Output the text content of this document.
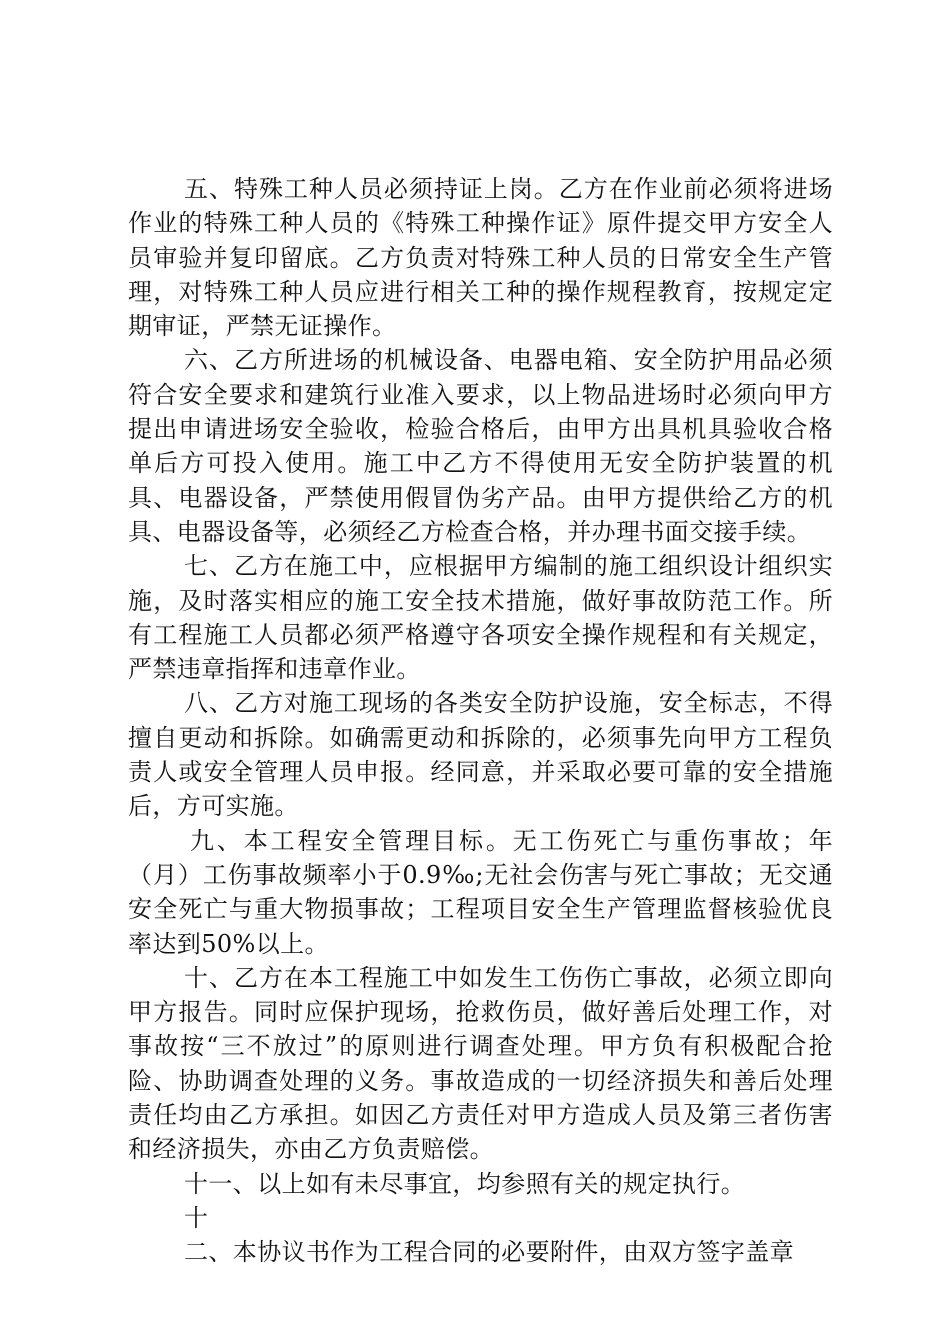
五、特殊工种人员必须持证上岗。乙方在作业前必须将进场作业的特殊工种人员的《特殊工种操作证》原件提交甲方安全人员审验并复印留底。乙方负责对特殊工种人员的日常安全生产管理，对特殊工种人员应进行相关工种的操作规程教育，按规定定期审证，严禁无证操作。

六、乙方所进场的机械设备、电器电箱、安全防护用品必须符合安全要求和建筑行业准入要求，以上物品进场时必须向甲方提出申请进场安全验收，检验合格后，由甲方出具机具验收合格单后方可投入使用。施工中乙方不得使用无安全防护装置的机具、电器设备，严禁使用假冒伪劣产品。由甲方提供给乙方的机具、电器设备等，必须经乙方检查合格，并办理书面交接手续。

七、乙方在施工中，应根据甲方编制的施工组织设计组织实施，及时落实相应的施工安全技术措施，做好事故防范工作。所有工程施工人员都必须严格遵守各项安全操作规程和有关规定，严禁违章指挥和违章作业。

八、乙方对施工现场的各类安全防护设施，安全标志，不得擅自更动和拆除。如确需更动和拆除的，必须事先向甲方工程负责人或安全管理人员申报。经同意，并采取必要可靠的安全措施后，方可实施。

九、本工程安全管理目标。无工伤死亡与重伤事故；年（月）工伤事故频率小于0.9‰;无社会伤害与死亡事故；无交通安全死亡与重大物损事故；工程项目安全生产管理监督核验优良率达到50%以上。

十、乙方在本工程施工中如发生工伤伤亡事故，必须立即向甲方报告。同时应保护现场，抢救伤员，做好善后处理工作，对事故按“三不放过”的原则进行调查处理。甲方负有积极配合抢险、协助调查处理的义务。事故造成的一切经济损失和善后处理责任均由乙方承担。如因乙方责任对甲方造成人员及第三者伤害和经济损失，亦由乙方负责赔偿。

十一、以上如有未尽事宜，均参照有关的规定执行。

十

二、本协议书作为工程合同的必要附件，由双方签字盖章
